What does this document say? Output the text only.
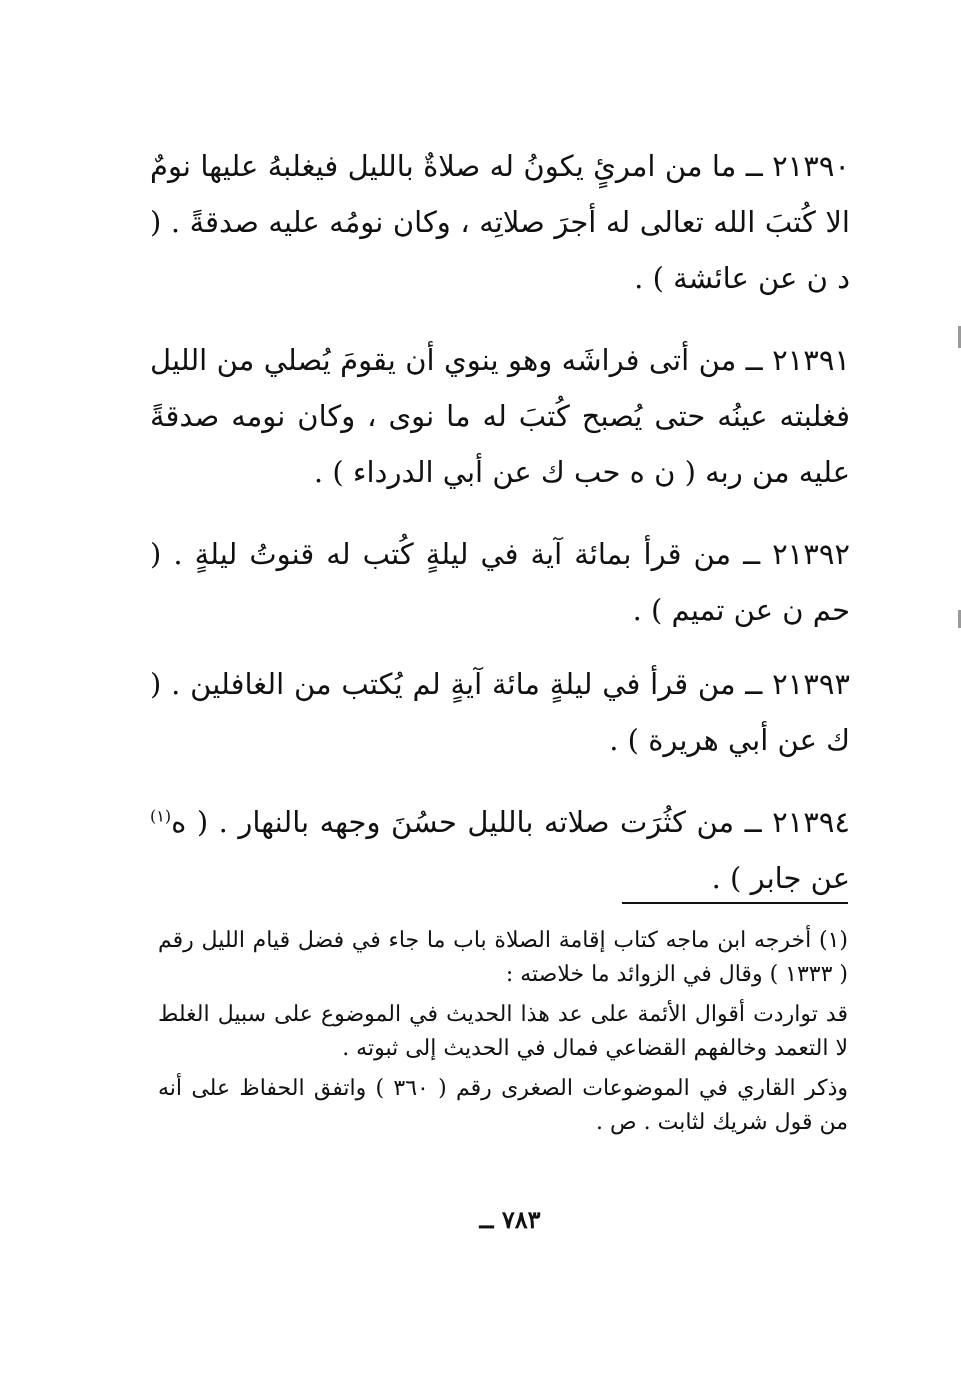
٢١٣٩٠ ــ ما من امرئٍ يكونُ له صلاةٌ بالليل فيغلبهُ عليها نومٌ الا كُتبَ الله تعالى له أجرَ صلاتِه ، وكان نومُه عليه صدقةً . ( د ن عن عائشة ) .

٢١٣٩١ ــ من أتى فراشَه وهو ينوي أن يقومَ يُصلي من الليل فغلبته عينُه حتى يُصبح كُتبَ له ما نوى ، وكان نومه صدقةً عليه من ربه ( ن ه حب ك عن أبي الدرداء ) .

٢١٣٩٢ ــ من قرأ بمائة آية في ليلةٍ كُتب له قنوتُ ليلةٍ . ( حم ن عن تميم ) .

٢١٣٩٣ ــ من قرأ في ليلةٍ مائة آيةٍ لم يُكتب من الغافلين . ( ك عن أبي هريرة ) .

٢١٣٩٤ ــ من كثُرَت صلاته بالليل حسُنَ وجهه بالنهار . ( ه$^{(١)}$ عن جابر ) .

(١) أخرجه ابن ماجه كتاب إقامة الصلاة باب ما جاء في فضل قيام الليل رقم ( ١٣٣٣ ) وقال في الزوائد ما خلاصته :

قد تواردت أقوال الأئمة على عد هذا الحديث في الموضوع على سبيل الغلط لا التعمد وخالفهم القضاعي فمال في الحديث إلى ثبوته .

وذكر القاري في الموضوعات الصغرى رقم ( ٣٦٠ ) واتفق الحفاظ على أنه من قول شريك لثابت . ص .

٧٨٣ ــ
